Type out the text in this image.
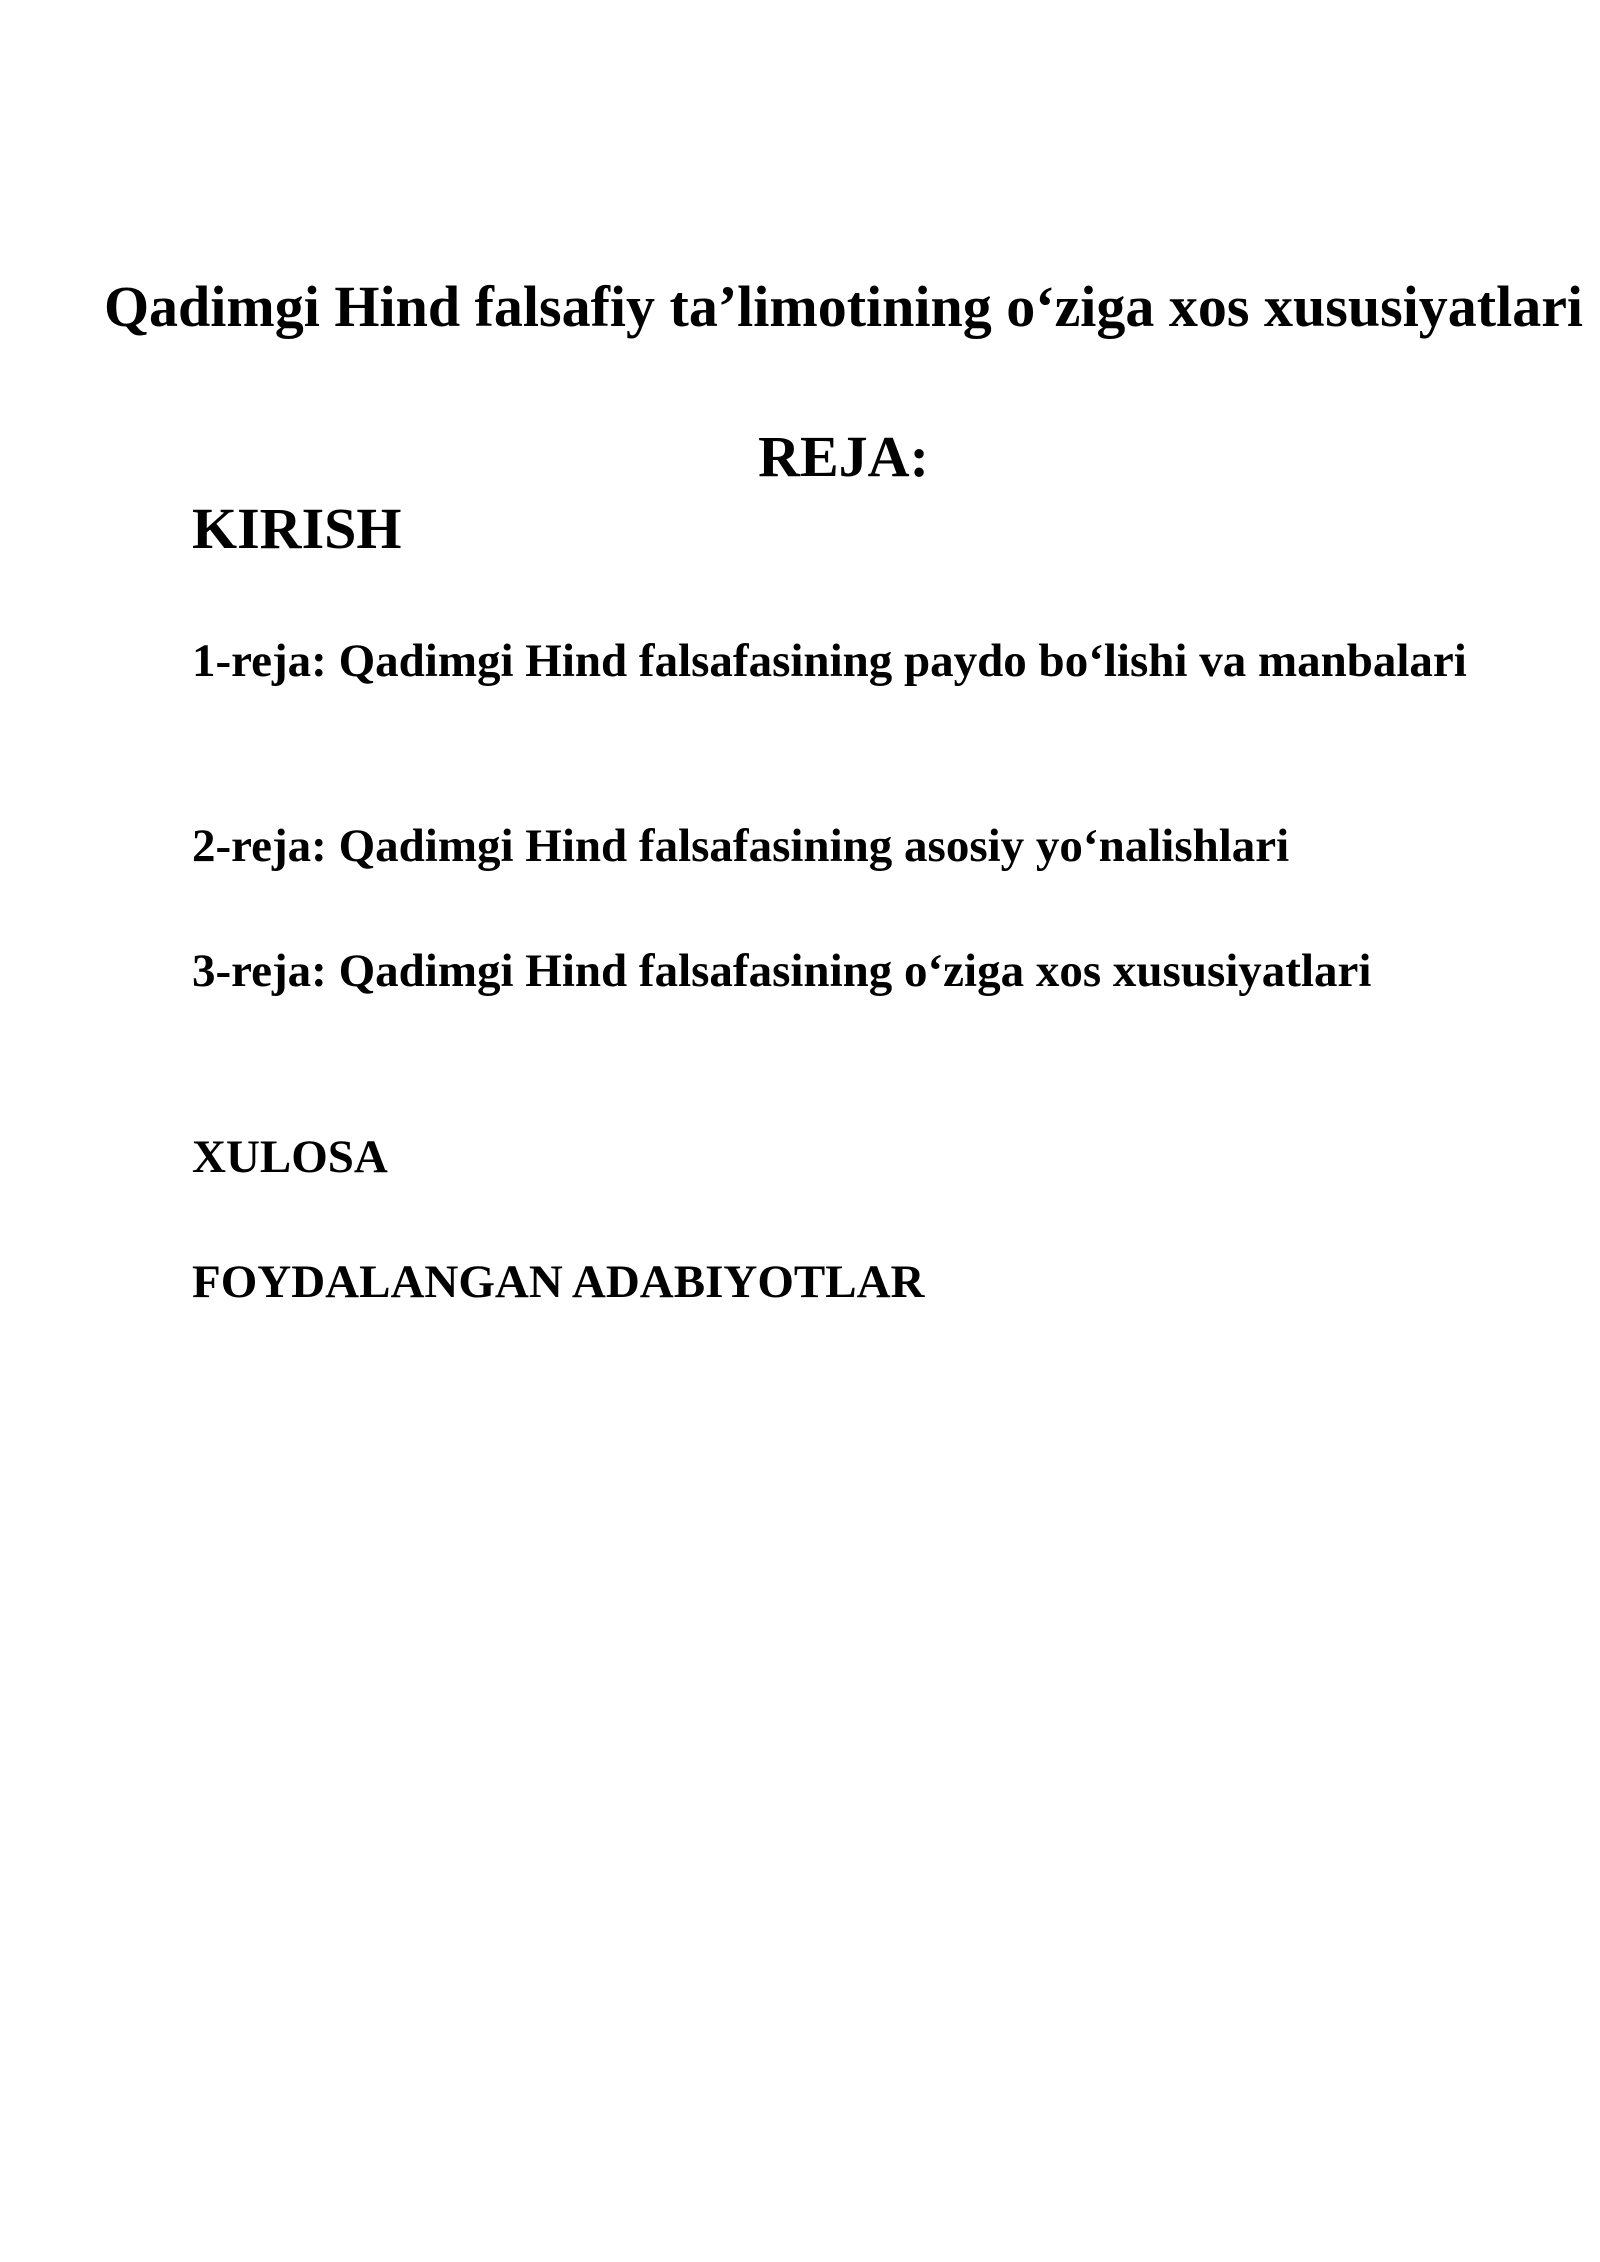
Qadimgi Hind falsafiy ta’limotining o‘ziga xos xususiyatlari
REJA:
KIRISH

1-reja: Qadimgi Hind falsafasining paydo bo‘lishi va manbalari

2-reja: Qadimgi Hind falsafasining asosiy yo‘nalishlari

3-reja: Qadimgi Hind falsafasining o‘ziga xos xususiyatlari

XULOSA

FOYDALANGAN ADABIYOTLAR
